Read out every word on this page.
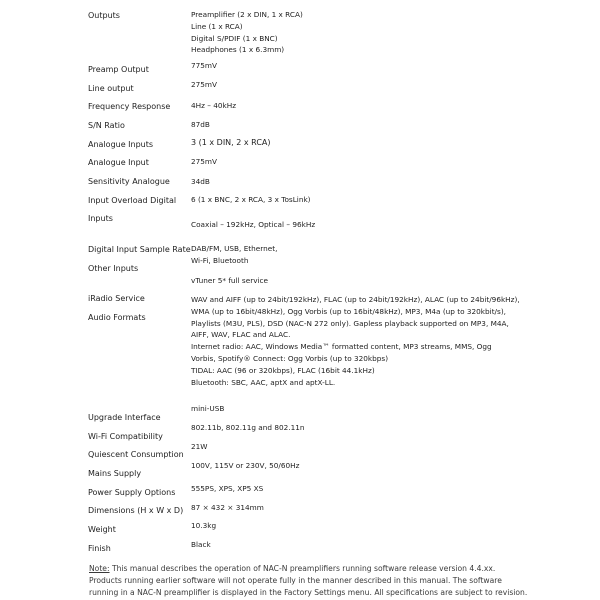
Outputs
Preamp Output
Line output
Frequency Response
S/N Ratio
Analogue Inputs
Analogue Input
Sensitivity Analogue
Input Overload Digital
Inputs
Digital Input Sample Rate
Other Inputs
iRadio Service
Audio Formats
Upgrade Interface
Wi-Fi Compatibility
Quiescent Consumption
Mains Supply
Power Supply Options
Dimensions (H x W x D)
Weight
Finish
Preamplifier (2 x DIN, 1 x RCA)
Line (1 x RCA)
Digital S/PDIF (1 x BNC)
Headphones (1 x 6.3mm)
775mV
275mV
4Hz – 40kHz
87dB
3 (1 x DIN, 2 x RCA)
275mV
34dB
6 (1 x BNC, 2 x RCA, 3 x TosLink)
Coaxial – 192kHz, Optical – 96kHz
DAB/FM, USB, Ethernet,
Wi-Fi, Bluetooth
vTuner 5* full service
WAV and AIFF (up to 24bit/192kHz), FLAC (up to 24bit/192kHz), ALAC (up to 24bit/96kHz),
WMA (up to 16bit/48kHz), Ogg Vorbis (up to 16bit/48kHz), MP3, M4a (up to 320kbit/s),
Playlists (M3U, PLS), DSD (NAC-N 272 only). Gapless playback supported on MP3, M4A,
AIFF, WAV, FLAC and ALAC.
Internet radio: AAC, Windows Media™ formatted content, MP3 streams, MMS, Ogg
Vorbis, Spotify® Connect: Ogg Vorbis (up to 320kbps)
TIDAL: AAC (96 or 320kbps), FLAC (16bit 44.1kHz)
Bluetooth: SBC, AAC, aptX and aptX-LL.
mini-USB
802.11b, 802.11g and 802.11n
21W
100V, 115V or 230V, 50/60Hz
555PS, XPS, XP5 XS
87 × 432 × 314mm
10.3kg
Black
Note: This manual describes the operation of NAC-N preamplifiers running software release version 4.4.xx. Products running earlier software will not operate fully in the manner described in this manual. The software running in a NAC-N preamplifier is displayed in the Factory Settings menu. All specifications are subject to revision.
